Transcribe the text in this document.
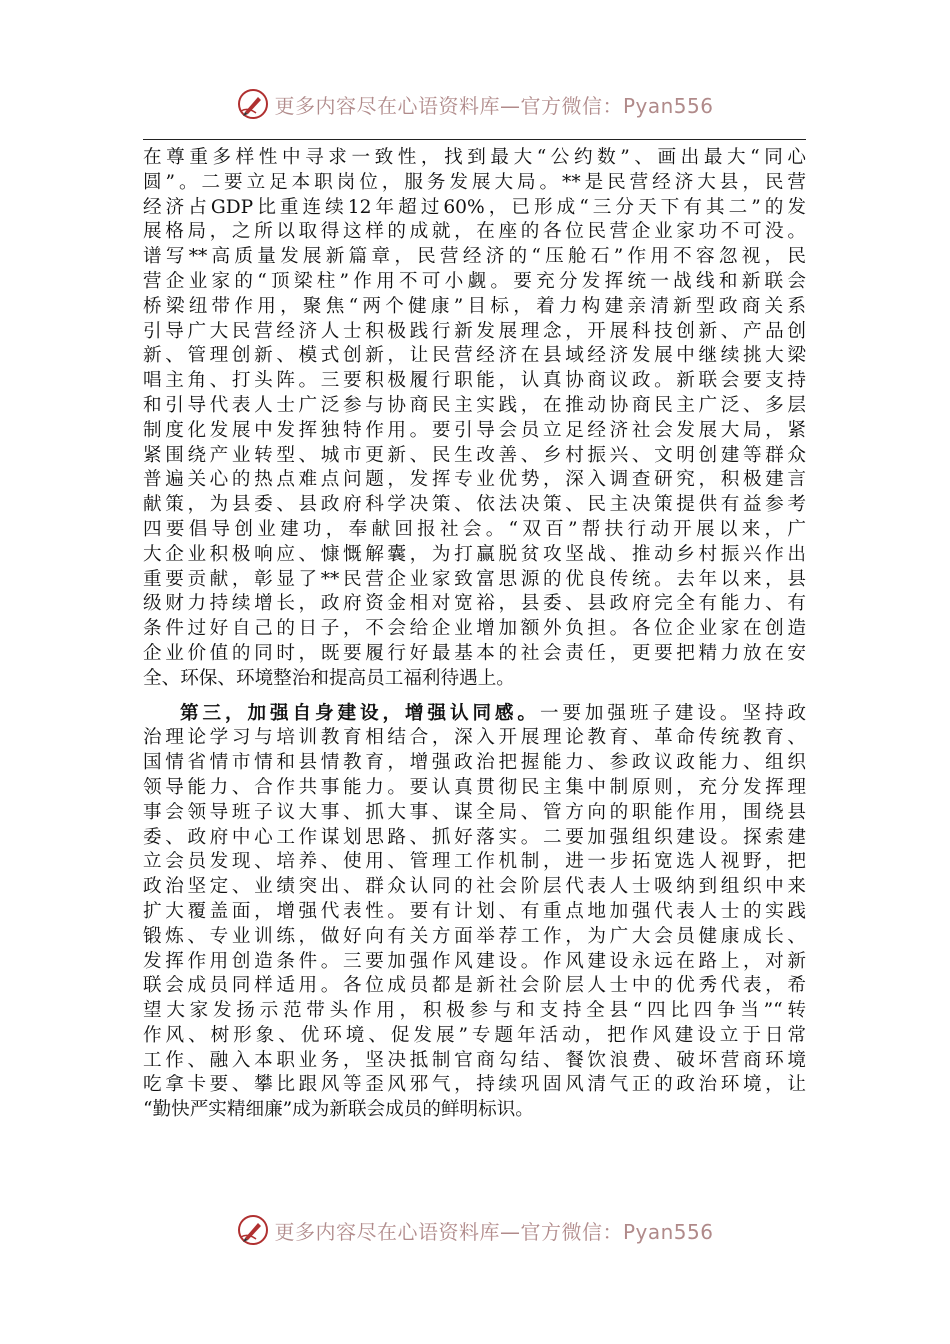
更多内容尽在心语资料库—官方微信：Pyan556
在尊重多样性中寻求一致性，找到最大“公约数”、画出最大“同心
圆”。二要立足本职岗位，服务发展大局。**是民营经济大县，民营
经济占GDP比重连续12年超过60%，已形成“三分天下有其二”的发
展格局，之所以取得这样的成就，在座的各位民营企业家功不可没。
谱写**高质量发展新篇章，民营经济的“压舱石”作用不容忽视，民
营企业家的“顶梁柱”作用不可小觑。要充分发挥统一战线和新联会
桥梁纽带作用，聚焦“两个健康”目标，着力构建亲清新型政商关系
引导广大民营经济人士积极践行新发展理念，开展科技创新、产品创
新、管理创新、模式创新，让民营经济在县域经济发展中继续挑大梁
唱主角、打头阵。三要积极履行职能，认真协商议政。新联会要支持
和引导代表人士广泛参与协商民主实践，在推动协商民主广泛、多层
制度化发展中发挥独特作用。要引导会员立足经济社会发展大局，紧
紧围绕产业转型、城市更新、民生改善、乡村振兴、文明创建等群众
普遍关心的热点难点问题，发挥专业优势，深入调查研究，积极建言
献策，为县委、县政府科学决策、依法决策、民主决策提供有益参考
四要倡导创业建功，奉献回报社会。“双百”帮扶行动开展以来，广
大企业积极响应、慷慨解囊，为打赢脱贫攻坚战、推动乡村振兴作出
重要贡献，彰显了**民营企业家致富思源的优良传统。去年以来，县
级财力持续增长，政府资金相对宽裕，县委、县政府完全有能力、有
条件过好自己的日子，不会给企业增加额外负担。各位企业家在创造
企业价值的同时，既要履行好最基本的社会责任，更要把精力放在安
全、环保、环境整治和提高员工福利待遇上。
第三，加强自身建设，增强认同感。一要加强班子建设。坚持政
治理论学习与培训教育相结合，深入开展理论教育、革命传统教育、
国情省情市情和县情教育，增强政治把握能力、参政议政能力、组织
领导能力、合作共事能力。要认真贯彻民主集中制原则，充分发挥理
事会领导班子议大事、抓大事、谋全局、管方向的职能作用，围绕县
委、政府中心工作谋划思路、抓好落实。二要加强组织建设。探索建
立会员发现、培养、使用、管理工作机制，进一步拓宽选人视野，把
政治坚定、业绩突出、群众认同的社会阶层代表人士吸纳到组织中来
扩大覆盖面，增强代表性。要有计划、有重点地加强代表人士的实践
锻炼、专业训练，做好向有关方面举荐工作，为广大会员健康成长、
发挥作用创造条件。三要加强作风建设。作风建设永远在路上，对新
联会成员同样适用。各位成员都是新社会阶层人士中的优秀代表，希
望大家发扬示范带头作用，积极参与和支持全县“四比四争当”“转
作风、树形象、优环境、促发展”专题年活动，把作风建设立于日常
工作、融入本职业务，坚决抵制官商勾结、餐饮浪费、破坏营商环境
吃拿卡要、攀比跟风等歪风邪气，持续巩固风清气正的政治环境，让
“勤快严实精细廉”成为新联会成员的鲜明标识。
更多内容尽在心语资料库—官方微信：Pyan556
